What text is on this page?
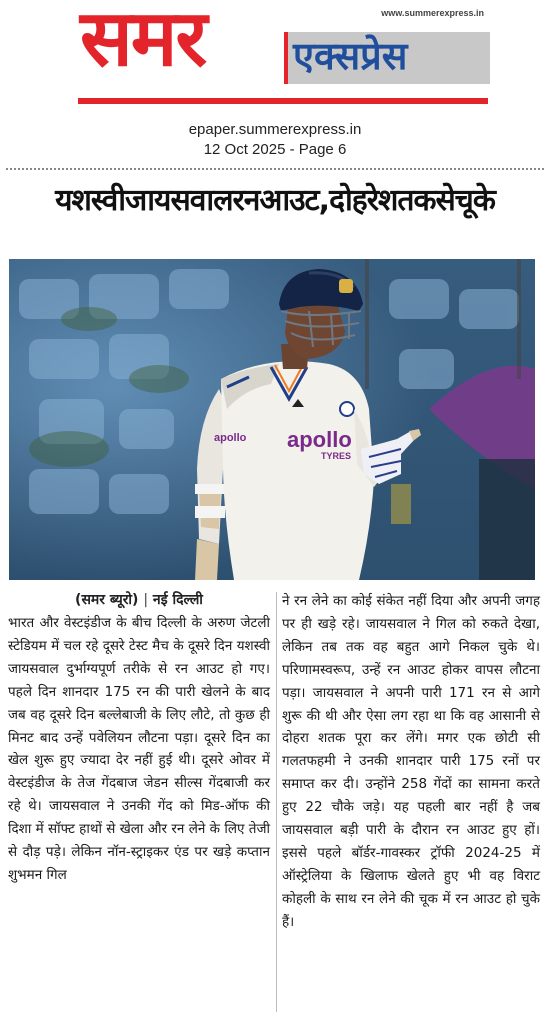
समर एक्सप्रेस
www.summerexpress.in
epaper.summerexpress.in
12 Oct 2025 - Page 6
यशस्वीजायसवालरनआउट,दोहरेशतकसेचूके
apollo
TYRES
apollo
(समर ब्यूरो) | नई दिल्ली
भारत और वेस्टइंडीज के बीच दिल्ली के अरुण जेटली स्टेडियम में चल रहे दूसरे टेस्ट मैच के दूसरे दिन यशस्वी जायसवाल दुर्भाग्यपूर्ण तरीके से रन आउट हो गए। पहले दिन शानदार 175 रन की पारी खेलने के बाद जब वह दूसरे दिन बल्लेबाजी के लिए लौटे, तो कुछ ही मिनट बाद उन्हें पवेलियन लौटना पड़ा। दूसरे दिन का खेल शुरू हुए ज्यादा देर नहीं हुई थी। दूसरे ओवर में वेस्टइंडीज के तेज गेंदबाज जेडन सील्स गेंदबाजी कर रहे थे। जायसवाल ने उनकी गेंद को मिड-ऑफ की दिशा में सॉफ्ट हाथों से खेला और रन लेने के लिए तेजी से दौड़ पड़े। लेकिन नॉन-स्ट्राइकर एंड पर खड़े कप्तान शुभमन गिल
ने रन लेने का कोई संकेत नहीं दिया और अपनी जगह पर ही खड़े रहे। जायसवाल ने गिल को रुकते देखा, लेकिन तब तक वह बहुत आगे निकल चुके थे। परिणामस्वरूप, उन्हें रन आउट होकर वापस लौटना पड़ा। जायसवाल ने अपनी पारी 171 रन से आगे शुरू की थी और ऐसा लग रहा था कि वह आसानी से दोहरा शतक पूरा कर लेंगे। मगर एक छोटी सी गलतफहमी ने उनकी शानदार पारी 175 रनों पर समाप्त कर दी। उन्होंने 258 गेंदों का सामना करते हुए 22 चौके जड़े। यह पहली बार नहीं है जब जायसवाल बड़ी पारी के दौरान रन आउट हुए हों। इससे पहले बॉर्डर-गावस्कर ट्रॉफी 2024-25 में ऑस्ट्रेलिया के खिलाफ खेलते हुए भी वह विराट कोहली के साथ रन लेने की चूक में रन आउट हो चुके हैं।
